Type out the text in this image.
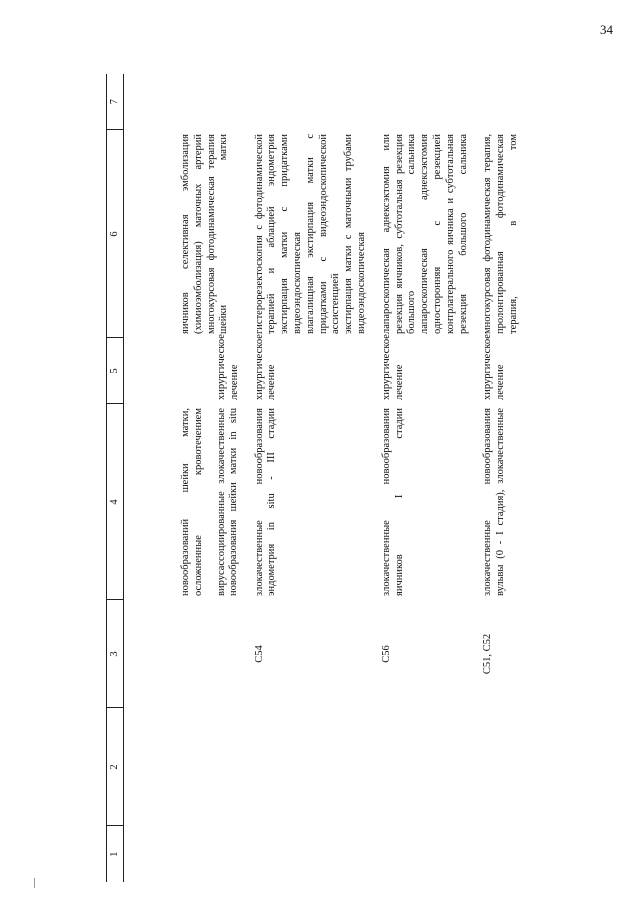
34
1	2	3	4	5	6	7

			новообразований шейки матки, осложненные кровотечением вирусассоциированные злокачественные новообразования шейки матки in situ	хирургическое лечение	яичников селективная эмболизация (химиоэмболизация) маточных артерий многокурсовая фотодинамическая терапия шейки матки	

		C54	злокачественные новообразования эндометрия in situ - III стадии	хирургическое лечение	гистерорезектоскопия с фотодинамической терапией и аблацией эндометрия экстирпация матки с придатками видеоэндоскопическая влагалищная экстирпация матки с придатками с видеоэндоскопической ассистенцией экстирпация матки с маточными трубами видеоэндоскопическая	

		C56	злокачественные новообразования яичников I стадии	хирургическое лечение	лапароскопическая аднексэктомия или резекция яичников, субтотальная резекция большого сальника лапароскопическая аднексэктомия односторонняя с резекцией контрлатерального яичника и субтотальная резекция большого сальника	

		C51, C52	злокачественные новообразования вульвы (0 - I стадия), злокачественные	хирургическое лечение	многокурсовая фотодинамическая терапия, пролонгированная фотодинамическая терапия, в том	
